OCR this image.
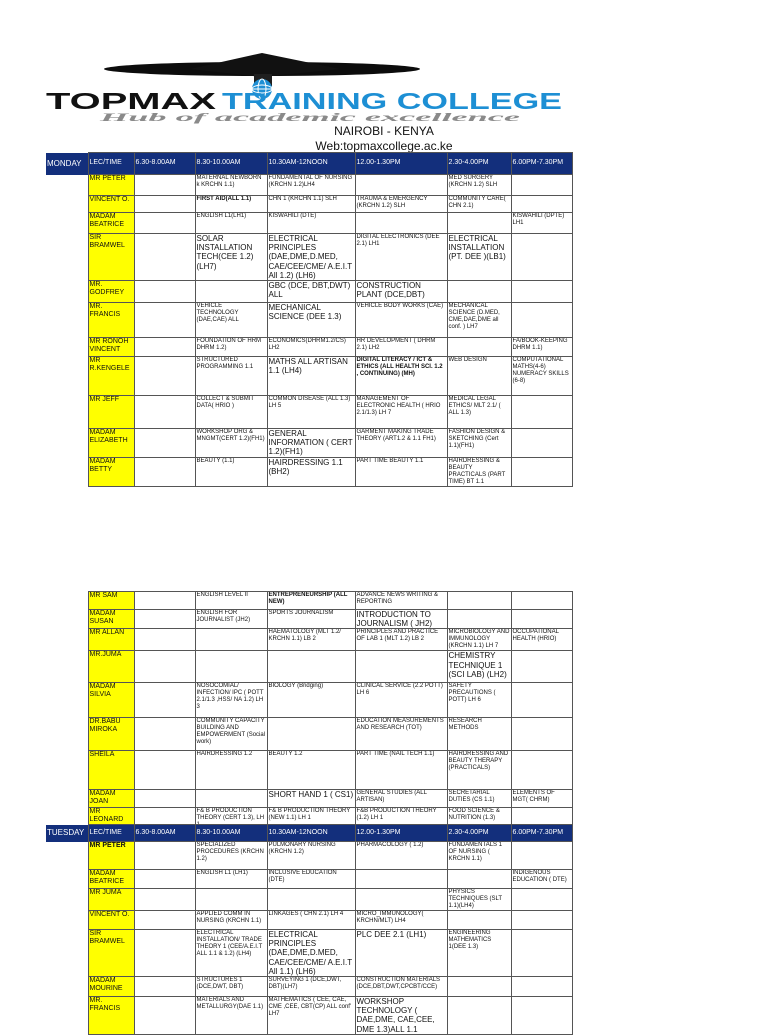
TOPMAX TRAINING COLLEGE
Hub of academic excellence
NAIROBI - KENYA
Web:topmaxcollege.ac.ke
MONDAY	LEC/TIME	6.30-8.00AM	8.30-10.00AM	10.30AM-12NOON	12.00-1.30PM	2.30-4.00PM	6.00PM-7.30PM
	MR PETER		MATERNAL NEWBORN k KRCHN 1.1)	FUNDAMENTAL OF NURSING (KRCHN 1.2)LH4		MED SURGERY (KRCHN 1.2) SLH	
	VINCENT O.		FIRST AID(ALL 1.1)	CHN 1 (KRCHN 1.1) SLH	TRAUMA & EMERGENCY (KRCHN 1.2) SLH	COMMUNITY CARE( CHN 2.1)	
	MADAM BEATRICE		ENGLISH L1(LH1)	KISWAHILI (DTE)			KISWAHILI (DPTE) LH1
	SIR BRAMWEL		SOLAR INSTALLATION TECH(CEE 1.2)(LH7)	ELECTRICAL PRINCIPLES (DAE,DME,D.MED, CAE/CEE/CME/ A.E.I.T All 1.2) (LH6)	DIGITAL ELECTRONICS (DEE 2.1) LH1	ELECTRICAL INSTALLATION (PT. DEE )(LB1)	
	MR. GODFREY			GBC (DCE, DBT,DWT) ALL	CONSTRUCTION PLANT (DCE,DBT)		
	MR. FRANCIS		VEHICLE TECHNOLOGY (DAE,CAE) ALL	MECHANICAL SCIENCE (DEE 1.3)	VEHICLE BODY WORKS (CAE)	MECHANICAL SCIENCE (D.MED, CME,DAE,DME all conf. ) LH7	
	MR RONOH VINCENT		FOUNDATION OF HRM DHRM 1.2)	ECONOMICS(DHRM1.2/CS) LH2	HR DEVELOPMENT ( DHRM 2.1) LH2		FA/BOOK-KEEPING DHRM 1.1)
	MR R.KENGELE		STRUCTURED PROGRAMMING 1.1	MATHS ALL ARTISAN 1.1 (LH4)	DIGITAL LITERACY / ICT & ETHICS (ALL HEALTH SCI. 1.2 , CONTINUING) (MH)	WEB DESIGN	COMPUTATIONAL MATHS(4-6) NUMERACY SKILLS (6-8)
	MR JEFF		COLLECT & SUBMIT DATA( HRIO )	COMMON DISEASE (ALL 1.3) LH 5	MANAGEMENT OF ELECTRONIC HEALTH ( HRIO 2.1/1.3) LH 7	MEDICAL LEGAL ETHICS/ MLT 2.1/ ( ALL 1.3)	
	MADAM ELIZABETH		WORKSHOP ORG & MNGMT(CERT 1.2)(FH1)	GENERAL INFORMATION ( CERT 1.2)(FH1)	GARMENT MAKING TRADE THEORY (ART1.2 & 1.1 FH1)	FASHION DESIGN & SKETCHING (Cert 1.1)(FH1)	
	MADAM BETTY		BEAUTY (1.1)	HAIRDRESSING 1.1 (BH2)	PART TIME BEAUTY 1.1	HAIRDRESSING & BEAUTY PRACTICALS (PART TIME) BT 1.1	
	MR SAM		ENGLISH LEVEL II	ENTREPRENEURSHIP (ALL NEW)	ADVANCE NEWS WRITING & REPORTING		
	MADAM SUSAN		ENGLISH FOR JOURNALIST (JH2)	SPORTS JOURNALISM	INTRODUCTION TO JOURNALISM ( JH2)		
	MR ALLAN			HAEMATOLOGY (MLT 1.2/ KRCHN 1.1) LB 2	PRINCIPLES AND PRACTICE OF LAB 1 (MLT 1.2) LB 2	MICROBIOLOGY AND IMMUNOLOGY (KRCHN 1.1) LH 7	OCCUPATIONAL HEALTH (HRIO)
	MR.JUMA					CHEMISTRY TECHNIQUE 1 (SCI LAB) (LH2)	
	MADAM SILVIA		NOSOCOMIAL/ INFECTION/ IPC ( POTT 2.1/1.3 ,HSS/ NA 1.2) LH 3	BIOLOGY (Bridging)	CLINICAL SERVICE (2.2 POTT) LH 6	SAFETY PRECAUTIONS ( POTT) LH 6	
	DR.BABU MIROKA		COMMUNITY CAPACITY BUILDING AND EMPOWERMENT (Social work)		EDUCATION MEASUREMENTS AND RESEARCH (TOT)	RESEARCH METHODS	
	SHEILA		HAIRDRESSING 1.2	BEAUTY 1.2	PART TIME (NAIL TECH 1.1)	HAIRDRESSING AND BEAUTY THERAPY (PRACTICALS)	
	MADAM JOAN			SHORT HAND 1 ( CS1)	GENERAL STUDIES (ALL ARTISAN)	SECRETARIAL DUTIES (CS 1.1)	ELEMENTS OF MGT( CHRM)
	MR LEONARD		F& B PRODUCTION THEORY (CERT 1.3), LH	F& B PRODUCTION THEORY (NEW 1.1) LH 1	F&B PRODUCTION THEORY (1.2) LH 1	FOOD SCIENCE & NUTRITION (1.3)	
TUESDAY	LEC/TIME	6.30-8.00AM	8.30-10.00AM	10.30AM-12NOON	12.00-1.30PM	2.30-4.00PM	6.00PM-7.30PM
	MR PETER		SPECIALIZED PROCEDURES (KRCHN 1.2)	PULMONARY NURSING (KRCHN 1.2)	PHARMACOLOGY ( 1.2)	FUNDAMENTALS 1 OF NURSING ( KRCHN 1.1)	
	MADAM BEATRICE		ENGLISH L1 (LH1)	INCLUSIVE EDUCATION (DTE)			INDIGENOUS EDUCATION ( DTE)
	MR JUMA					PHYSICS TECHNIQUES (SLT 1.1)(LH4)	
	VINCENT O.		APPLIED COMM IN NURSING (KRCHN 1.1)	LINKAGES ( CHN 2.1) LH 4	MICRO_IMMUNOLOGY( KRCHN/MLT) LH4		
	SIR BRAMWEL		ELECTRICAL INSTALLATION/ TRADE THEORY 1 (CEE/A.E.I.T ALL 1.1 & 1.2) (LH4)	ELECTRICAL PRINCIPLES (DAE,DME,D.MED, CAE/CEE/CME/ A.E.I.T All 1.1) (LH6)	PLC DEE 2.1 (LH1)	ENGINEERING MATHEMATICS 1(DEE 1.3)	
	MADAM MOURINE		STRUCTURES 1 (DCE,DWT, DBT)	SURVEYING 1 (DCE,DWT, DBT)(LH7)	CONSTRUCTION MATERIALS (DCE,DBT,DWT,CPCBT/CCE)		
	MR. FRANCIS		MATERIALS AND METALLURGY(DAE 1.1)	MATHEMATICS ( CEE, CAE, CME ,CEE, CBT(CP) ALL conf' LH7	WORKSHOP TECHNOLOGY ( DAE,DME, CAE,CEE, DME 1.3)ALL 1.1		
